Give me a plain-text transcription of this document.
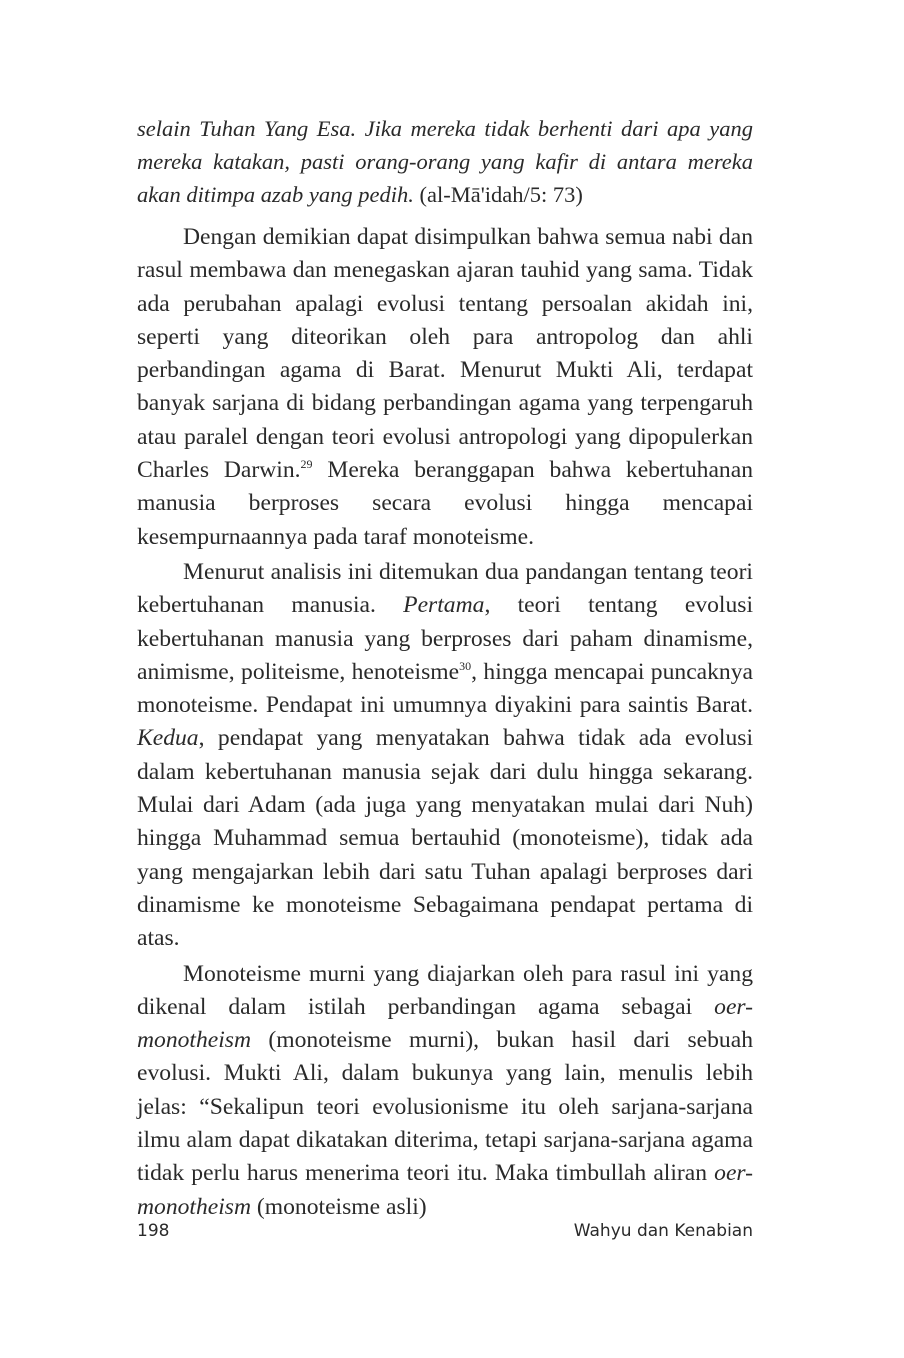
selain Tuhan Yang Esa. Jika mereka tidak berhenti dari apa yang mereka katakan, pasti orang-orang yang kafir di antara mereka akan ditimpa azab yang pedih. (al-Mā'idah/5: 73)

Dengan demikian dapat disimpulkan bahwa semua nabi dan rasul membawa dan menegaskan ajaran tauhid yang sama. Tidak ada perubahan apalagi evolusi tentang persoalan akidah ini, seperti yang diteorikan oleh para antropolog dan ahli perbandingan agama di Barat. Menurut Mukti Ali, terdapat banyak sarjana di bidang perbandingan agama yang terpengaruh atau paralel dengan teori evolusi antropologi yang dipopulerkan Charles Darwin.$^{29}$ Mereka beranggapan bahwa kebertuhanan manusia berproses secara evolusi hingga mencapai kesempurnaannya pada taraf monoteisme.

Menurut analisis ini ditemukan dua pandangan tentang teori kebertuhanan manusia. Pertama, teori tentang evolusi kebertuhanan manusia yang berproses dari paham dinamisme, animisme, politeisme, henoteisme$^{30}$, hingga mencapai puncaknya monoteisme. Pendapat ini umumnya diyakini para saintis Barat. Kedua, pendapat yang menyatakan bahwa tidak ada evolusi dalam kebertuhanan manusia sejak dari dulu hingga sekarang. Mulai dari Adam (ada juga yang menyatakan mulai dari Nuh) hingga Muhammad semua bertauhid (monoteisme), tidak ada yang mengajarkan lebih dari satu Tuhan apalagi berproses dari dinamisme ke monoteisme Sebagaimana pendapat pertama di atas.

Monoteisme murni yang diajarkan oleh para rasul ini yang dikenal dalam istilah perbandingan agama sebagai oer-monotheism (monoteisme murni), bukan hasil dari sebuah evolusi. Mukti Ali, dalam bukunya yang lain, menulis lebih jelas: “Sekalipun teori evolusionisme itu oleh sarjana-sarjana ilmu alam dapat dikatakan diterima, tetapi sarjana-sarjana agama tidak perlu harus menerima teori itu. Maka timbullah aliran oer-monotheism (monoteisme asli)

198	Wahyu dan Kenabian
